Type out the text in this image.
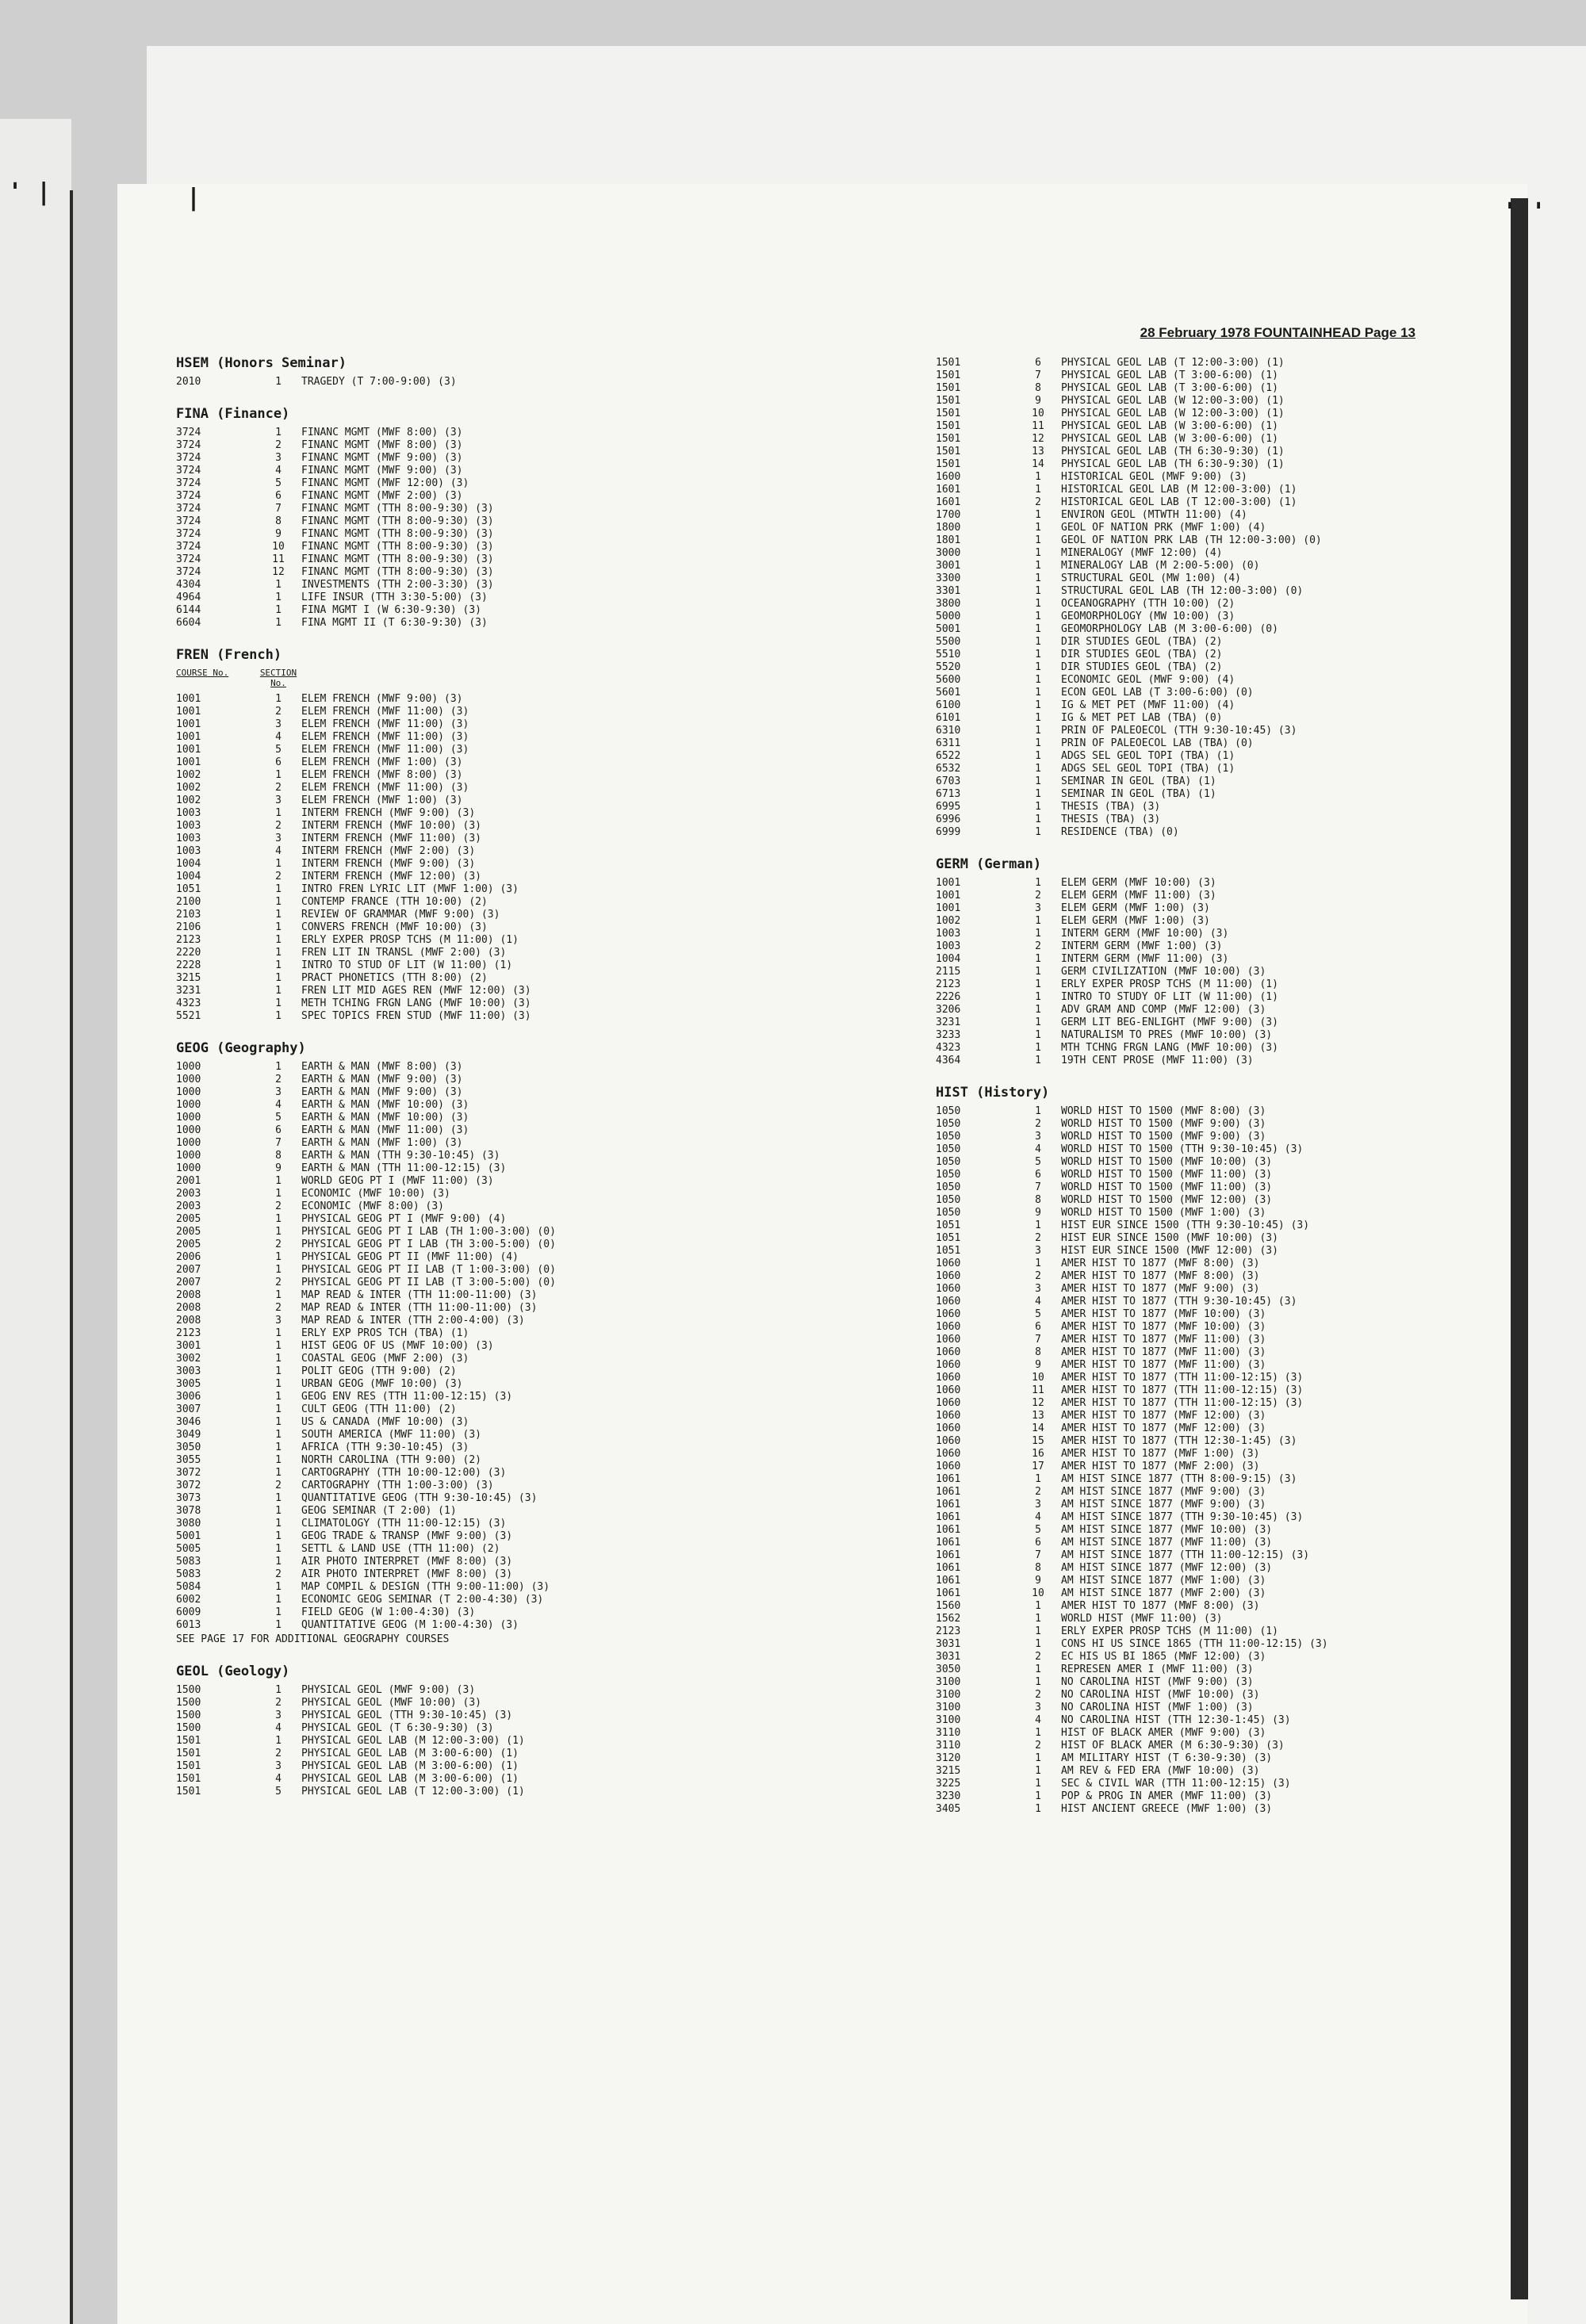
' |	|
' '
28 February 1978 FOUNTAINHEAD Page 13
HSEM (Honors Seminar)
2010	1	TRAGEDY (T 7:00-9:00) (3)
FINA (Finance)
3724	1	FINANC MGMT (MWF 8:00) (3)
3724	2	FINANC MGMT (MWF 8:00) (3)
3724	3	FINANC MGMT (MWF 9:00) (3)
3724	4	FINANC MGMT (MWF 9:00) (3)
3724	5	FINANC MGMT (MWF 12:00) (3)
3724	6	FINANC MGMT (MWF 2:00) (3)
3724	7	FINANC MGMT (TTH 8:00-9:30) (3)
3724	8	FINANC MGMT (TTH 8:00-9:30) (3)
3724	9	FINANC MGMT (TTH 8:00-9:30) (3)
3724	10	FINANC MGMT (TTH 8:00-9:30) (3)
3724	11	FINANC MGMT (TTH 8:00-9:30) (3)
3724	12	FINANC MGMT (TTH 8:00-9:30) (3)
4304	1	INVESTMENTS (TTH 2:00-3:30) (3)
4964	1	LIFE INSUR (TTH 3:30-5:00) (3)
6144	1	FINA MGMT I (W 6:30-9:30) (3)
6604	1	FINA MGMT II (T 6:30-9:30) (3)
FREN (French)
COURSE No.	SECTION No.
1001	1	ELEM FRENCH (MWF 9:00) (3)
1001	2	ELEM FRENCH (MWF 11:00) (3)
1001	3	ELEM FRENCH (MWF 11:00) (3)
1001	4	ELEM FRENCH (MWF 11:00) (3)
1001	5	ELEM FRENCH (MWF 11:00) (3)
1001	6	ELEM FRENCH (MWF 1:00) (3)
1002	1	ELEM FRENCH (MWF 8:00) (3)
1002	2	ELEM FRENCH (MWF 11:00) (3)
1002	3	ELEM FRENCH (MWF 1:00) (3)
1003	1	INTERM FRENCH (MWF 9:00) (3)
1003	2	INTERM FRENCH (MWF 10:00) (3)
1003	3	INTERM FRENCH (MWF 11:00) (3)
1003	4	INTERM FRENCH (MWF 2:00) (3)
1004	1	INTERM FRENCH (MWF 9:00) (3)
1004	2	INTERM FRENCH (MWF 12:00) (3)
1051	1	INTRO FREN LYRIC LIT (MWF 1:00) (3)
2100	1	CONTEMP FRANCE (TTH 10:00) (2)
2103	1	REVIEW OF GRAMMAR (MWF 9:00) (3)
2106	1	CONVERS FRENCH (MWF 10:00) (3)
2123	1	ERLY EXPER PROSP TCHS (M 11:00) (1)
2220	1	FREN LIT IN TRANSL (MWF 2:00) (3)
2228	1	INTRO TO STUD OF LIT (W 11:00) (1)
3215	1	PRACT PHONETICS (TTH 8:00) (2)
3231	1	FREN LIT MID AGES REN (MWF 12:00) (3)
4323	1	METH TCHING FRGN LANG (MWF 10:00) (3)
5521	1	SPEC TOPICS FREN STUD (MWF 11:00) (3)
GEOG (Geography)
1000	1	EARTH & MAN (MWF 8:00) (3)
1000	2	EARTH & MAN (MWF 9:00) (3)
1000	3	EARTH & MAN (MWF 9:00) (3)
1000	4	EARTH & MAN (MWF 10:00) (3)
1000	5	EARTH & MAN (MWF 10:00) (3)
1000	6	EARTH & MAN (MWF 11:00) (3)
1000	7	EARTH & MAN (MWF 1:00) (3)
1000	8	EARTH & MAN (TTH 9:30-10:45) (3)
1000	9	EARTH & MAN (TTH 11:00-12:15) (3)
2001	1	WORLD GEOG PT I (MWF 11:00) (3)
2003	1	ECONOMIC (MWF 10:00) (3)
2003	2	ECONOMIC (MWF 8:00) (3)
2005	1	PHYSICAL GEOG PT I (MWF 9:00) (4)
2005	1	PHYSICAL GEOG PT I LAB (TH 1:00-3:00) (0)
2005	2	PHYSICAL GEOG PT I LAB (TH 3:00-5:00) (0)
2006	1	PHYSICAL GEOG PT II (MWF 11:00) (4)
2007	1	PHYSICAL GEOG PT II LAB (T 1:00-3:00) (0)
2007	2	PHYSICAL GEOG PT II LAB (T 3:00-5:00) (0)
2008	1	MAP READ & INTER (TTH 11:00-11:00) (3)
2008	2	MAP READ & INTER (TTH 11:00-11:00) (3)
2008	3	MAP READ & INTER (TTH 2:00-4:00) (3)
2123	1	ERLY EXP PROS TCH (TBA) (1)
3001	1	HIST GEOG OF US (MWF 10:00) (3)
3002	1	COASTAL GEOG (MWF 2:00) (3)
3003	1	POLIT GEOG (TTH 9:00) (2)
3005	1	URBAN GEOG (MWF 10:00) (3)
3006	1	GEOG ENV RES (TTH 11:00-12:15) (3)
3007	1	CULT GEOG (TTH 11:00) (2)
3046	1	US & CANADA (MWF 10:00) (3)
3049	1	SOUTH AMERICA (MWF 11:00) (3)
3050	1	AFRICA (TTH 9:30-10:45) (3)
3055	1	NORTH CAROLINA (TTH 9:00) (2)
3072	1	CARTOGRAPHY (TTH 10:00-12:00) (3)
3072	2	CARTOGRAPHY (TTH 1:00-3:00) (3)
3073	1	QUANTITATIVE GEOG (TTH 9:30-10:45) (3)
3078	1	GEOG SEMINAR (T 2:00) (1)
3080	1	CLIMATOLOGY (TTH 11:00-12:15) (3)
5001	1	GEOG TRADE & TRANSP (MWF 9:00) (3)
5005	1	SETTL & LAND USE (TTH 11:00) (2)
5083	1	AIR PHOTO INTERPRET (MWF 8:00) (3)
5083	2	AIR PHOTO INTERPRET (MWF 8:00) (3)
5084	1	MAP COMPIL & DESIGN (TTH 9:00-11:00) (3)
6002	1	ECONOMIC GEOG SEMINAR (T 2:00-4:30) (3)
6009	1	FIELD GEOG (W 1:00-4:30) (3)
6013	1	QUANTITATIVE GEOG (M 1:00-4:30) (3)
SEE PAGE 17 FOR ADDITIONAL GEOGRAPHY COURSES
GEOL (Geology)
1500	1	PHYSICAL GEOL (MWF 9:00) (3)
1500	2	PHYSICAL GEOL (MWF 10:00) (3)
1500	3	PHYSICAL GEOL (TTH 9:30-10:45) (3)
1500	4	PHYSICAL GEOL (T 6:30-9:30) (3)
1501	1	PHYSICAL GEOL LAB (M 12:00-3:00) (1)
1501	2	PHYSICAL GEOL LAB (M 3:00-6:00) (1)
1501	3	PHYSICAL GEOL LAB (M 3:00-6:00) (1)
1501	4	PHYSICAL GEOL LAB (M 3:00-6:00) (1)
1501	5	PHYSICAL GEOL LAB (T 12:00-3:00) (1)
1501	6	PHYSICAL GEOL LAB (T 12:00-3:00) (1)
1501	7	PHYSICAL GEOL LAB (T 3:00-6:00) (1)
1501	8	PHYSICAL GEOL LAB (T 3:00-6:00) (1)
1501	9	PHYSICAL GEOL LAB (W 12:00-3:00) (1)
1501	10	PHYSICAL GEOL LAB (W 12:00-3:00) (1)
1501	11	PHYSICAL GEOL LAB (W 3:00-6:00) (1)
1501	12	PHYSICAL GEOL LAB (W 3:00-6:00) (1)
1501	13	PHYSICAL GEOL LAB (TH 6:30-9:30) (1)
1501	14	PHYSICAL GEOL LAB (TH 6:30-9:30) (1)
1600	1	HISTORICAL GEOL (MWF 9:00) (3)
1601	1	HISTORICAL GEOL LAB (M 12:00-3:00) (1)
1601	2	HISTORICAL GEOL LAB (T 12:00-3:00) (1)
1700	1	ENVIRON GEOL (MTWTH 11:00) (4)
1800	1	GEOL OF NATION PRK (MWF 1:00) (4)
1801	1	GEOL OF NATION PRK LAB (TH 12:00-3:00) (0)
3000	1	MINERALOGY (MWF 12:00) (4)
3001	1	MINERALOGY LAB (M 2:00-5:00) (0)
3300	1	STRUCTURAL GEOL (MW 1:00) (4)
3301	1	STRUCTURAL GEOL LAB (TH 12:00-3:00) (0)
3800	1	OCEANOGRAPHY (TTH 10:00) (2)
5000	1	GEOMORPHOLOGY (MW 10:00) (3)
5001	1	GEOMORPHOLOGY LAB (M 3:00-6:00) (0)
5500	1	DIR STUDIES GEOL (TBA) (2)
5510	1	DIR STUDIES GEOL (TBA) (2)
5520	1	DIR STUDIES GEOL (TBA) (2)
5600	1	ECONOMIC GEOL (MWF 9:00) (4)
5601	1	ECON GEOL LAB (T 3:00-6:00) (0)
6100	1	IG & MET PET (MWF 11:00) (4)
6101	1	IG & MET PET LAB (TBA) (0)
6310	1	PRIN OF PALEOECOL (TTH 9:30-10:45) (3)
6311	1	PRIN OF PALEOECOL LAB (TBA) (0)
6522	1	ADGS SEL GEOL TOPI (TBA) (1)
6532	1	ADGS SEL GEOL TOPI (TBA) (1)
6703	1	SEMINAR IN GEOL (TBA) (1)
6713	1	SEMINAR IN GEOL (TBA) (1)
6995	1	THESIS (TBA) (3)
6996	1	THESIS (TBA) (3)
6999	1	RESIDENCE (TBA) (0)
GERM (German)
1001	1	ELEM GERM (MWF 10:00) (3)
1001	2	ELEM GERM (MWF 11:00) (3)
1001	3	ELEM GERM (MWF 1:00) (3)
1002	1	ELEM GERM (MWF 1:00) (3)
1003	1	INTERM GERM (MWF 10:00) (3)
1003	2	INTERM GERM (MWF 1:00) (3)
1004	1	INTERM GERM (MWF 11:00) (3)
2115	1	GERM CIVILIZATION (MWF 10:00) (3)
2123	1	ERLY EXPER PROSP TCHS (M 11:00) (1)
2226	1	INTRO TO STUDY OF LIT (W 11:00) (1)
3206	1	ADV GRAM AND COMP (MWF 12:00) (3)
3231	1	GERM LIT BEG-ENLIGHT (MWF 9:00) (3)
3233	1	NATURALISM TO PRES (MWF 10:00) (3)
4323	1	MTH TCHNG FRGN LANG (MWF 10:00) (3)
4364	1	19TH CENT PROSE (MWF 11:00) (3)
HIST (History)
1050	1	WORLD HIST TO 1500 (MWF 8:00) (3)
1050	2	WORLD HIST TO 1500 (MWF 9:00) (3)
1050	3	WORLD HIST TO 1500 (MWF 9:00) (3)
1050	4	WORLD HIST TO 1500 (TTH 9:30-10:45) (3)
1050	5	WORLD HIST TO 1500 (MWF 10:00) (3)
1050	6	WORLD HIST TO 1500 (MWF 11:00) (3)
1050	7	WORLD HIST TO 1500 (MWF 11:00) (3)
1050	8	WORLD HIST TO 1500 (MWF 12:00) (3)
1050	9	WORLD HIST TO 1500 (MWF 1:00) (3)
1051	1	HIST EUR SINCE 1500 (TTH 9:30-10:45) (3)
1051	2	HIST EUR SINCE 1500 (MWF 10:00) (3)
1051	3	HIST EUR SINCE 1500 (MWF 12:00) (3)
1060	1	AMER HIST TO 1877 (MWF 8:00) (3)
1060	2	AMER HIST TO 1877 (MWF 8:00) (3)
1060	3	AMER HIST TO 1877 (MWF 9:00) (3)
1060	4	AMER HIST TO 1877 (TTH 9:30-10:45) (3)
1060	5	AMER HIST TO 1877 (MWF 10:00) (3)
1060	6	AMER HIST TO 1877 (MWF 10:00) (3)
1060	7	AMER HIST TO 1877 (MWF 11:00) (3)
1060	8	AMER HIST TO 1877 (MWF 11:00) (3)
1060	9	AMER HIST TO 1877 (MWF 11:00) (3)
1060	10	AMER HIST TO 1877 (TTH 11:00-12:15) (3)
1060	11	AMER HIST TO 1877 (TTH 11:00-12:15) (3)
1060	12	AMER HIST TO 1877 (TTH 11:00-12:15) (3)
1060	13	AMER HIST TO 1877 (MWF 12:00) (3)
1060	14	AMER HIST TO 1877 (MWF 12:00) (3)
1060	15	AMER HIST TO 1877 (TTH 12:30-1:45) (3)
1060	16	AMER HIST TO 1877 (MWF 1:00) (3)
1060	17	AMER HIST TO 1877 (MWF 2:00) (3)
1061	1	AM HIST SINCE 1877 (TTH 8:00-9:15) (3)
1061	2	AM HIST SINCE 1877 (MWF 9:00) (3)
1061	3	AM HIST SINCE 1877 (MWF 9:00) (3)
1061	4	AM HIST SINCE 1877 (TTH 9:30-10:45) (3)
1061	5	AM HIST SINCE 1877 (MWF 10:00) (3)
1061	6	AM HIST SINCE 1877 (MWF 11:00) (3)
1061	7	AM HIST SINCE 1877 (TTH 11:00-12:15) (3)
1061	8	AM HIST SINCE 1877 (MWF 12:00) (3)
1061	9	AM HIST SINCE 1877 (MWF 1:00) (3)
1061	10	AM HIST SINCE 1877 (MWF 2:00) (3)
1560	1	AMER HIST TO 1877 (MWF 8:00) (3)
1562	1	WORLD HIST (MWF 11:00) (3)
2123	1	ERLY EXPER PROSP TCHS (M 11:00) (1)
3031	1	CONS HI US SINCE 1865 (TTH 11:00-12:15) (3)
3031	2	EC HIS US BI 1865 (MWF 12:00) (3)
3050	1	REPRESEN AMER I (MWF 11:00) (3)
3100	1	NO CAROLINA HIST (MWF 9:00) (3)
3100	2	NO CAROLINA HIST (MWF 10:00) (3)
3100	3	NO CAROLINA HIST (MWF 1:00) (3)
3100	4	NO CAROLINA HIST (TTH 12:30-1:45) (3)
3110	1	HIST OF BLACK AMER (MWF 9:00) (3)
3110	2	HIST OF BLACK AMER (M 6:30-9:30) (3)
3120	1	AM MILITARY HIST (T 6:30-9:30) (3)
3215	1	AM REV & FED ERA (MWF 10:00) (3)
3225	1	SEC & CIVIL WAR (TTH 11:00-12:15) (3)
3230	1	POP & PROG IN AMER (MWF 11:00) (3)
3405	1	HIST ANCIENT GREECE (MWF 1:00) (3)
